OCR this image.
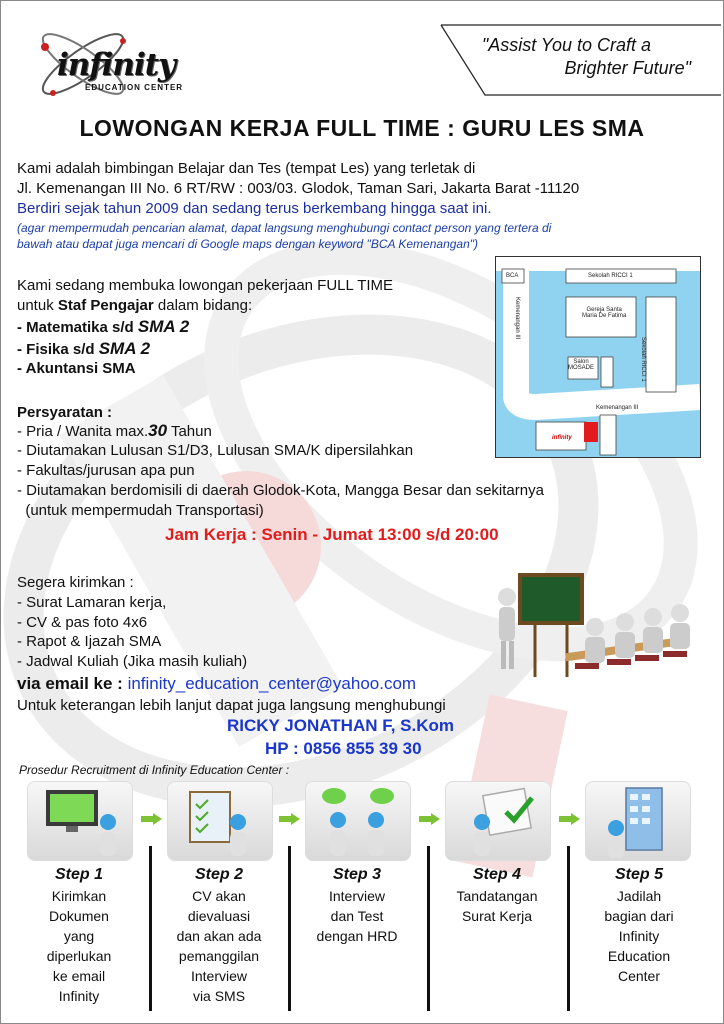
infinity
EDUCATION CENTER
"Assist You to Craft a
Brighter Future"
LOWONGAN KERJA FULL TIME : GURU LES SMA
Kami adalah bimbingan Belajar dan Tes (tempat Les) yang terletak di
Jl. Kemenangan III No. 6 RT/RW : 003/03. Glodok, Taman Sari, Jakarta Barat -11120
Berdiri sejak tahun 2009 dan sedang terus berkembang hingga saat ini.
(agar mempermudah pencarian alamat, dapat langsung menghubungi contact person yang tertera di
bawah atau dapat juga mencari di Google maps dengan keyword "BCA Kemenangan")
Kami sedang membuka lowongan pekerjaan FULL TIME
untuk Staf Pengajar dalam bidang:
- Matematika s/d SMA 2
- Fisika s/d SMA 2
- Akuntansi SMA
BCA	Sekolah RICCI 1
Gereja Santa
Maria De Fatima
Sekolah RICCI 1
Salon
MOSADE
Kemenangan III
Kemenangan III
infinity
Persyaratan :
- Pria / Wanita max.30 Tahun
- Diutamakan Lulusan S1/D3, Lulusan SMA/K dipersilahkan
- Fakultas/jurusan apa pun
- Diutamakan berdomisili di daerah Glodok-Kota, Mangga Besar dan sekitarnya
(untuk mempermudah Transportasi)
Jam Kerja : Senin - Jumat 13:00 s/d 20:00
Segera kirimkan :
- Surat Lamaran kerja,
- CV & pas foto 4x6
- Rapot & Ijazah SMA
- Jadwal Kuliah (Jika masih kuliah)
via email ke : infinity_education_center@yahoo.com
Untuk keterangan lebih lanjut dapat juga langsung menghubungi
RICKY JONATHAN F, S.Kom
HP : 0856 855 39 30
Prosedur Recruitment di Infinity Education Center :
Step 1
Kirimkan
Dokumen
yang
diperlukan
ke email
Infinity
Step 2
CV akan
dievaluasi
dan akan ada
pemanggilan
Interview
via SMS
Step 3
Interview
dan Test
dengan HRD
Step 4
Tandatangan
Surat Kerja
Step 5
Jadilah
bagian dari
Infinity
Education
Center
